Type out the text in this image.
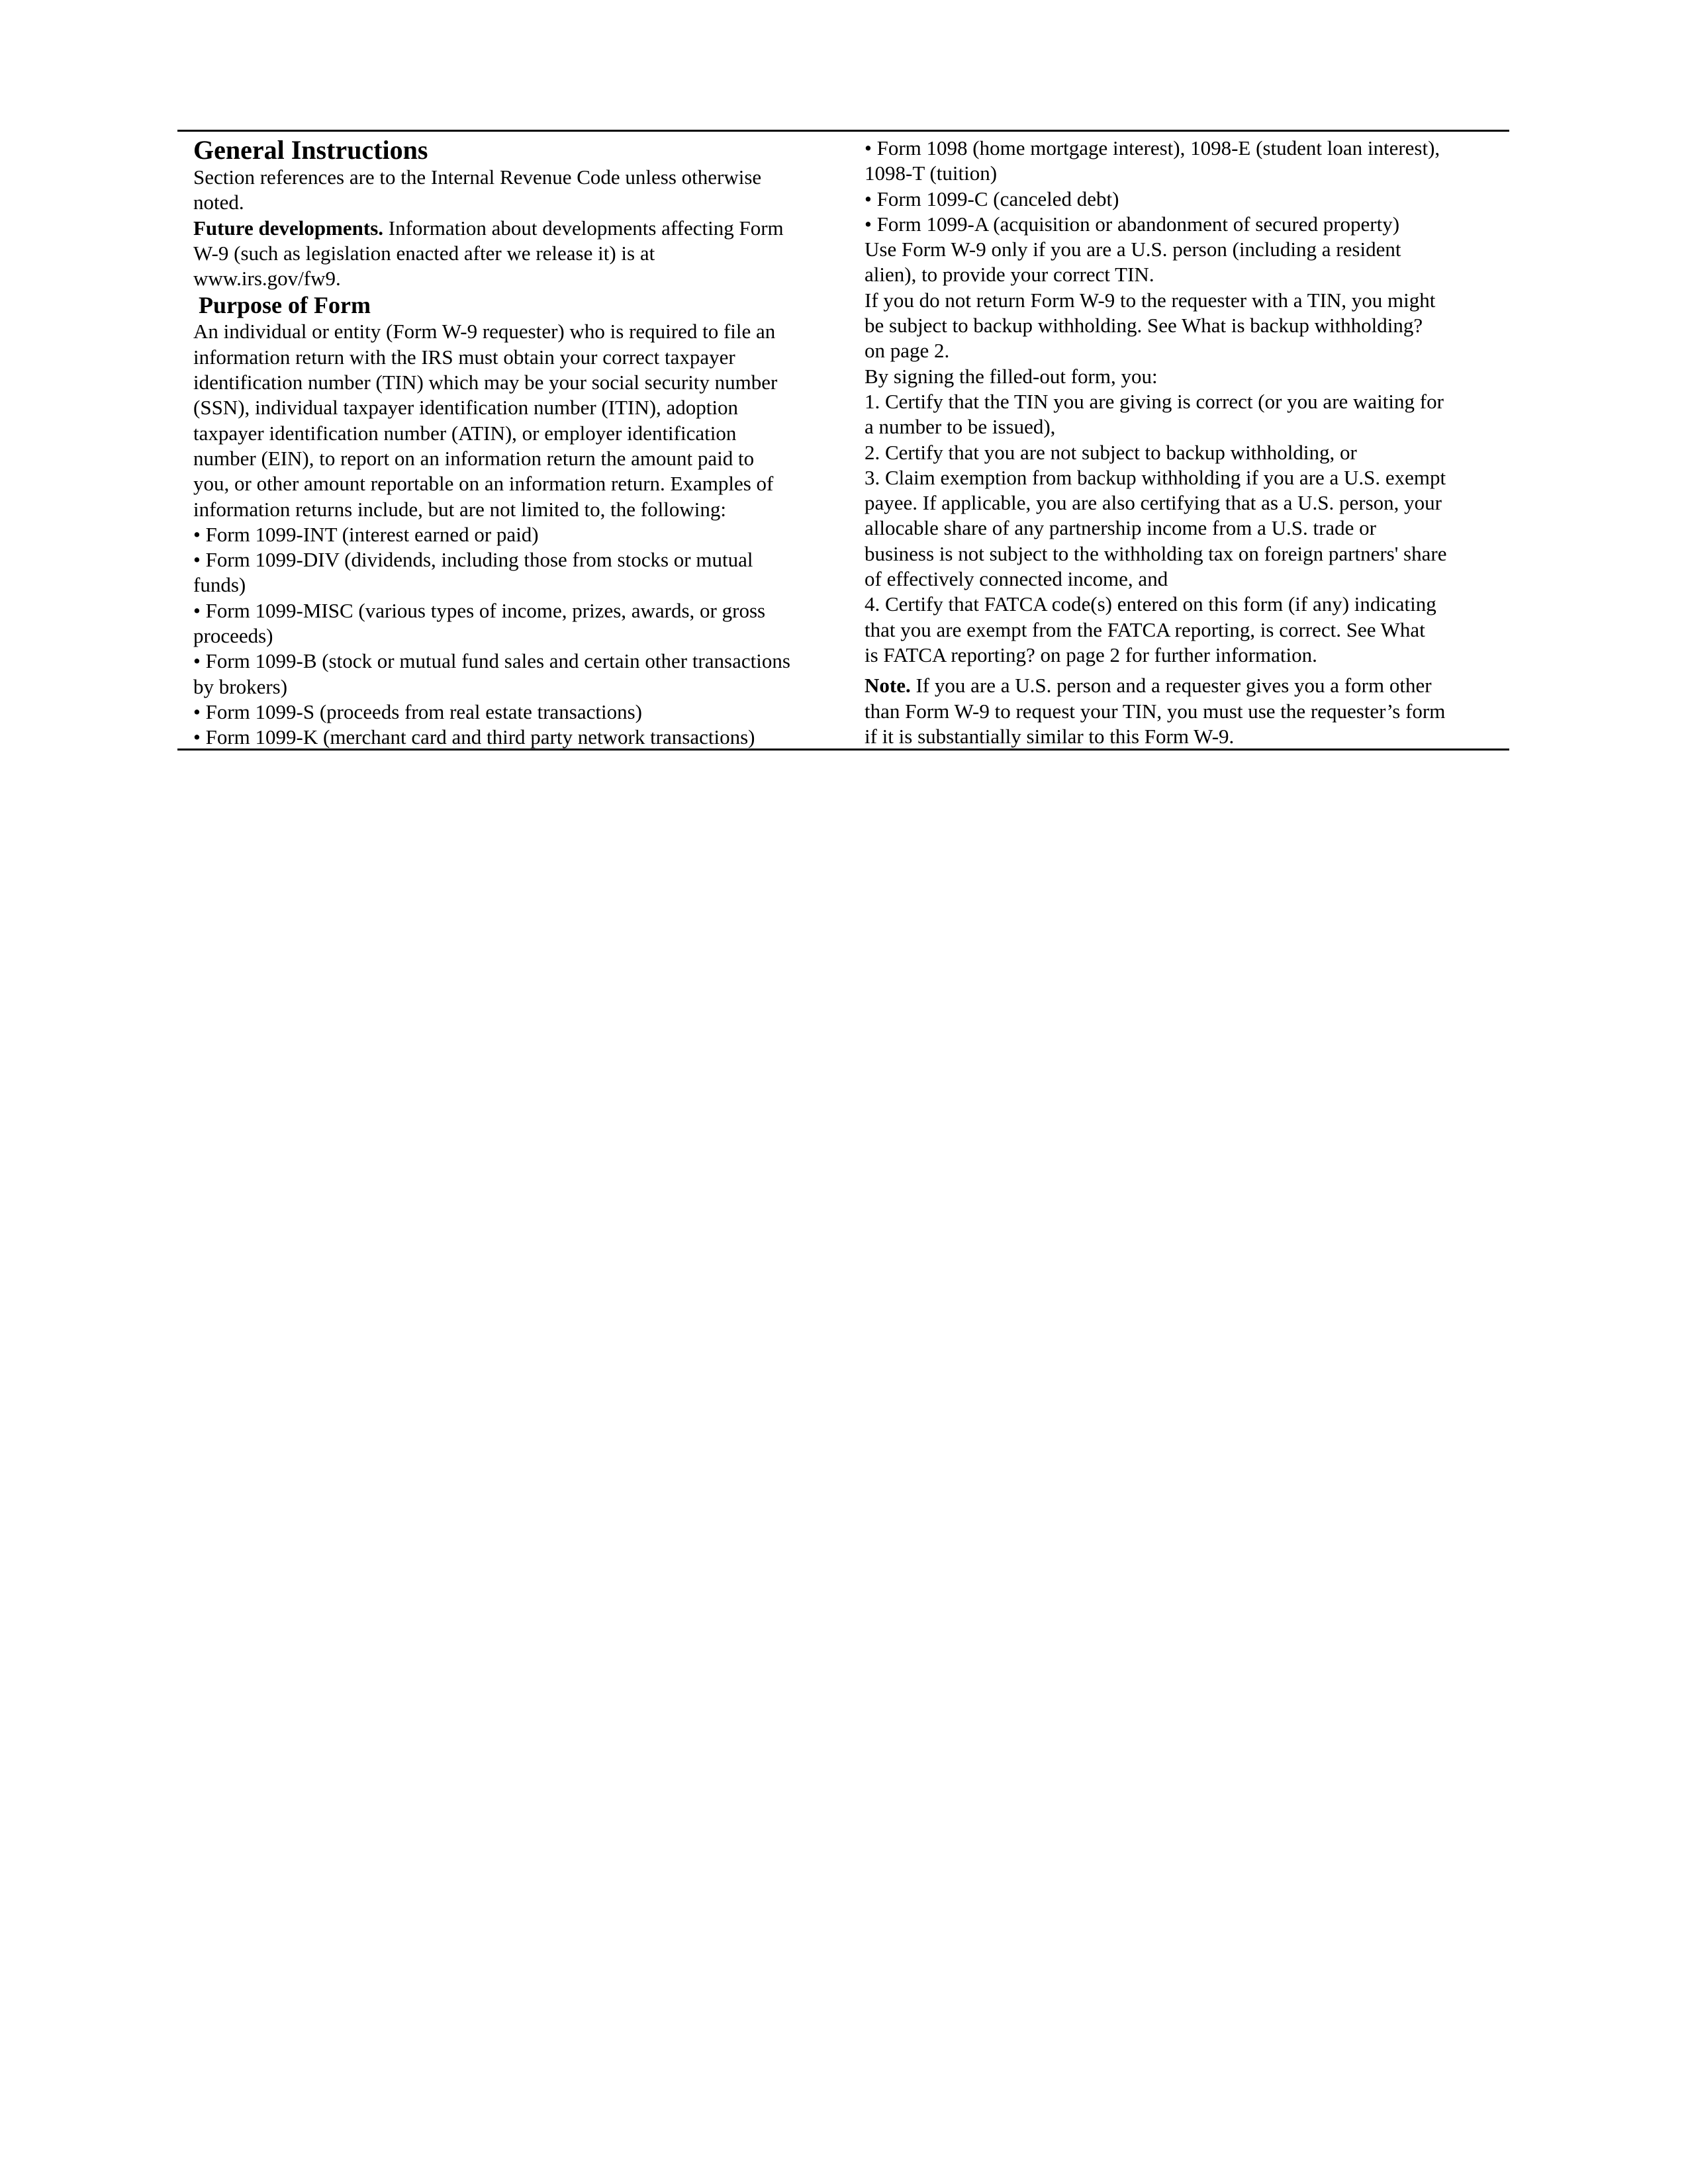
General Instructions
Section references are to the Internal Revenue Code unless otherwise
noted.
Future developments. Information about developments affecting Form
W-9 (such as legislation enacted after we release it) is at
www.irs.gov/fw9.
Purpose of Form
An individual or entity (Form W-9 requester) who is required to file an
information return with the IRS must obtain your correct taxpayer
identification number (TIN) which may be your social security number
(SSN), individual taxpayer identification number (ITIN), adoption
taxpayer identification number (ATIN), or employer identification
number (EIN), to report on an information return the amount paid to
you, or other amount reportable on an information return. Examples of
information returns include, but are not limited to, the following:
• Form 1099-INT (interest earned or paid)
• Form 1099-DIV (dividends, including those from stocks or mutual
funds)
• Form 1099-MISC (various types of income, prizes, awards, or gross
proceeds)
• Form 1099-B (stock or mutual fund sales and certain other transactions
by brokers)
• Form 1099-S (proceeds from real estate transactions)
• Form 1099-K (merchant card and third party network transactions)
• Form 1098 (home mortgage interest), 1098-E (student loan interest),
1098-T (tuition)
• Form 1099-C (canceled debt)
• Form 1099-A (acquisition or abandonment of secured property)
Use Form W-9 only if you are a U.S. person (including a resident
alien), to provide your correct TIN.
If you do not return Form W-9 to the requester with a TIN, you might
be subject to backup withholding. See What is backup withholding?
on page 2.
By signing the filled-out form, you:
1. Certify that the TIN you are giving is correct (or you are waiting for
a number to be issued),
2. Certify that you are not subject to backup withholding, or
3. Claim exemption from backup withholding if you are a U.S. exempt
payee. If applicable, you are also certifying that as a U.S. person, your
allocable share of any partnership income from a U.S. trade or
business is not subject to the withholding tax on foreign partners' share
of effectively connected income, and
4. Certify that FATCA code(s) entered on this form (if any) indicating
that you are exempt from the FATCA reporting, is correct. See What
is FATCA reporting? on page 2 for further information.
Note. If you are a U.S. person and a requester gives you a form other
than Form W-9 to request your TIN, you must use the requester’s form
if it is substantially similar to this Form W-9.
